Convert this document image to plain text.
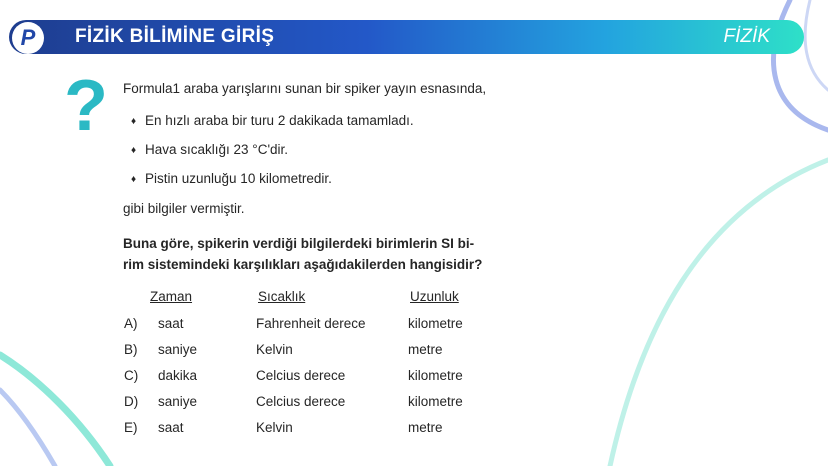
P	FİZİK BİLİMİNE GİRİŞ	FİZİK
? Formula1 araba yarışlarını sunan bir spiker yayın esnasında,
♦ En hızlı araba bir turu 2 dakikada tamamladı.
♦ Hava sıcaklığı 23 °C'dir.
♦ Pistin uzunluğu 10 kilometredir.
gibi bilgiler vermiştir.
Buna göre, spikerin verdiği bilgilerdeki birimlerin SI bi-
rim sistemindeki karşılıkları aşağıdakilerden hangisidir?
Zaman	Sıcaklık	Uzunluk
A) saat	Fahrenheit derece	kilometre
B) saniye	Kelvin	metre
C) dakika	Celcius derece	kilometre
D) saniye	Celcius derece	kilometre
E) saat	Kelvin	metre
